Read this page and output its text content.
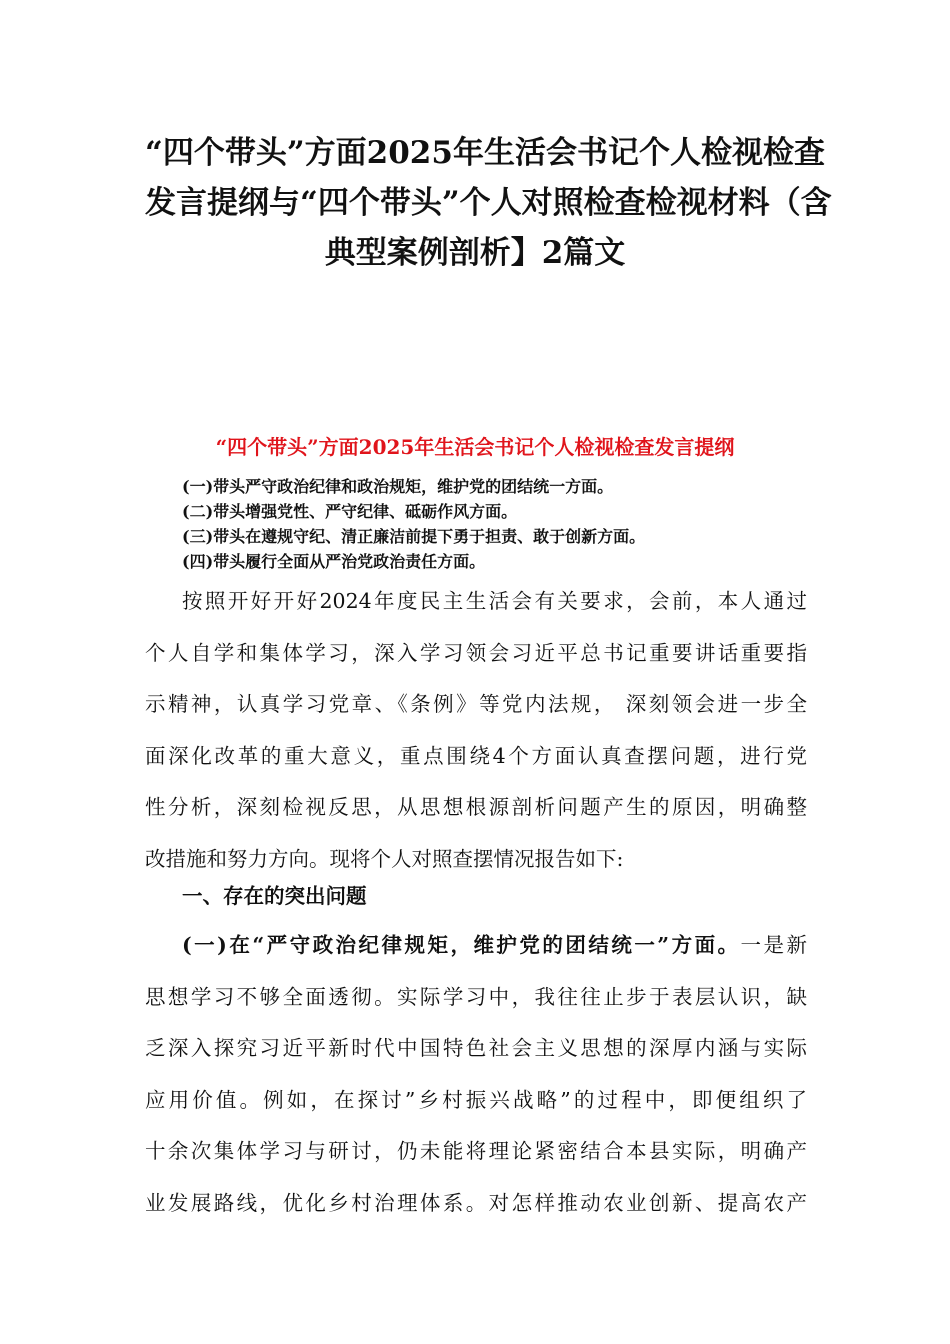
“四个带头”方面2025年生活会书记个人检视检查
发言提纲与“四个带头”个人对照检查检视材料（含
典型案例剖析】2篇文
“四个带头”方面2025年生活会书记个人检视检查发言提纲
(一)带头严守政治纪律和政治规矩，维护党的团结统一方面。
(二)带头增强党性、严守纪律、砥砺作风方面。
(三)带头在遵规守纪、清正廉洁前提下勇于担责、敢于创新方面。
(四)带头履行全面从严治党政治责任方面。
按照开好开好2024年度民主生活会有关要求，会前，本人通过
个人自学和集体学习，深入学习领会习近平总书记重要讲话重要指
示精神，认真学习党章、《条例》等党内法规， 深刻领会进一步全
面深化改革的重大意义，重点围绕4个方面认真查摆问题，进行党
性分析，深刻检视反思，从思想根源剖析问题产生的原因，明确整
改措施和努力方向。现将个人对照查摆情况报告如下:
一、存在的突出问题
(一)在“严守政治纪律规矩，维护党的团结统一”方面。一是新
思想学习不够全面透彻。实际学习中，我往往止步于表层认识，缺
乏深入探究习近平新时代中国特色社会主义思想的深厚内涵与实际
应用价值。例如，在探讨”乡村振兴战略”的过程中，即便组织了
十余次集体学习与研讨，仍未能将理论紧密结合本县实际，明确产
业发展路线，优化乡村治理体系。对怎样推动农业创新、提高农产
